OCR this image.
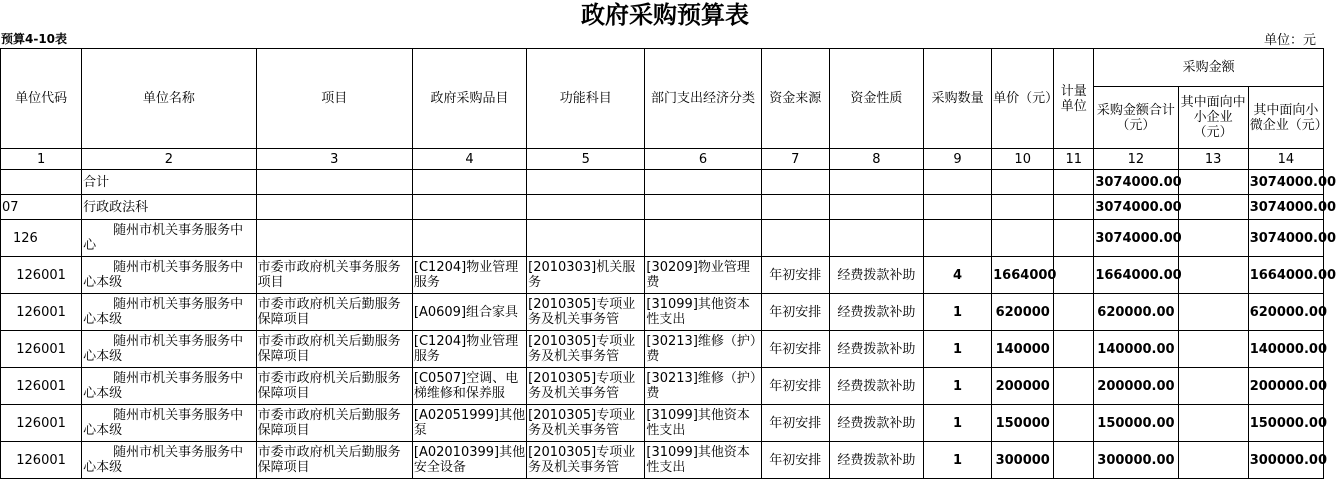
政府采购预算表
预算4-10表	单位：元
单位代码	单位名称	项目	政府采购品目	功能科目	部门支出经济分类	资金来源	资金性质	采购数量	单价（元）	计量单位	采购金额		
											采购金额合计（元）	其中面向中小企业（元）	其中面向小微企业（元）
1	2	3	4	5	6	7	8	9	10	11	12	13	14
	合计										3074000.00		3074000.00
07	行政政法科										3074000.00		3074000.00
126	随州市机关事务服务中心										3074000.00		3074000.00
126001	随州市机关事务服务中心本级	市委市政府机关事务服务项目	[C1204]物业管理服务	[2010303]机关服务	[30209]物业管理费	年初安排	经费拨款补助	4	1664000		1664000.00		1664000.00
126001	随州市机关事务服务中心本级	市委市政府机关后勤服务保障项目	[A0609]组合家具	[2010305]专项业务及机关事务管	[31099]其他资本性支出	年初安排	经费拨款补助	1	620000		620000.00		620000.00
126001	随州市机关事务服务中心本级	市委市政府机关后勤服务保障项目	[C1204]物业管理服务	[2010305]专项业务及机关事务管	[30213]维修（护）费	年初安排	经费拨款补助	1	140000		140000.00		140000.00
126001	随州市机关事务服务中心本级	市委市政府机关后勤服务保障项目	[C0507]空调、电梯维修和保养服	[2010305]专项业务及机关事务管	[30213]维修（护）费	年初安排	经费拨款补助	1	200000		200000.00		200000.00
126001	随州市机关事务服务中心本级	市委市政府机关后勤服务保障项目	[A02051999]其他泵	[2010305]专项业务及机关事务管	[31099]其他资本性支出	年初安排	经费拨款补助	1	150000		150000.00		150000.00
126001	随州市机关事务服务中心本级	市委市政府机关后勤服务保障项目	[A02010399]其他安全设备	[2010305]专项业务及机关事务管	[31099]其他资本性支出	年初安排	经费拨款补助	1	300000		300000.00		300000.00
